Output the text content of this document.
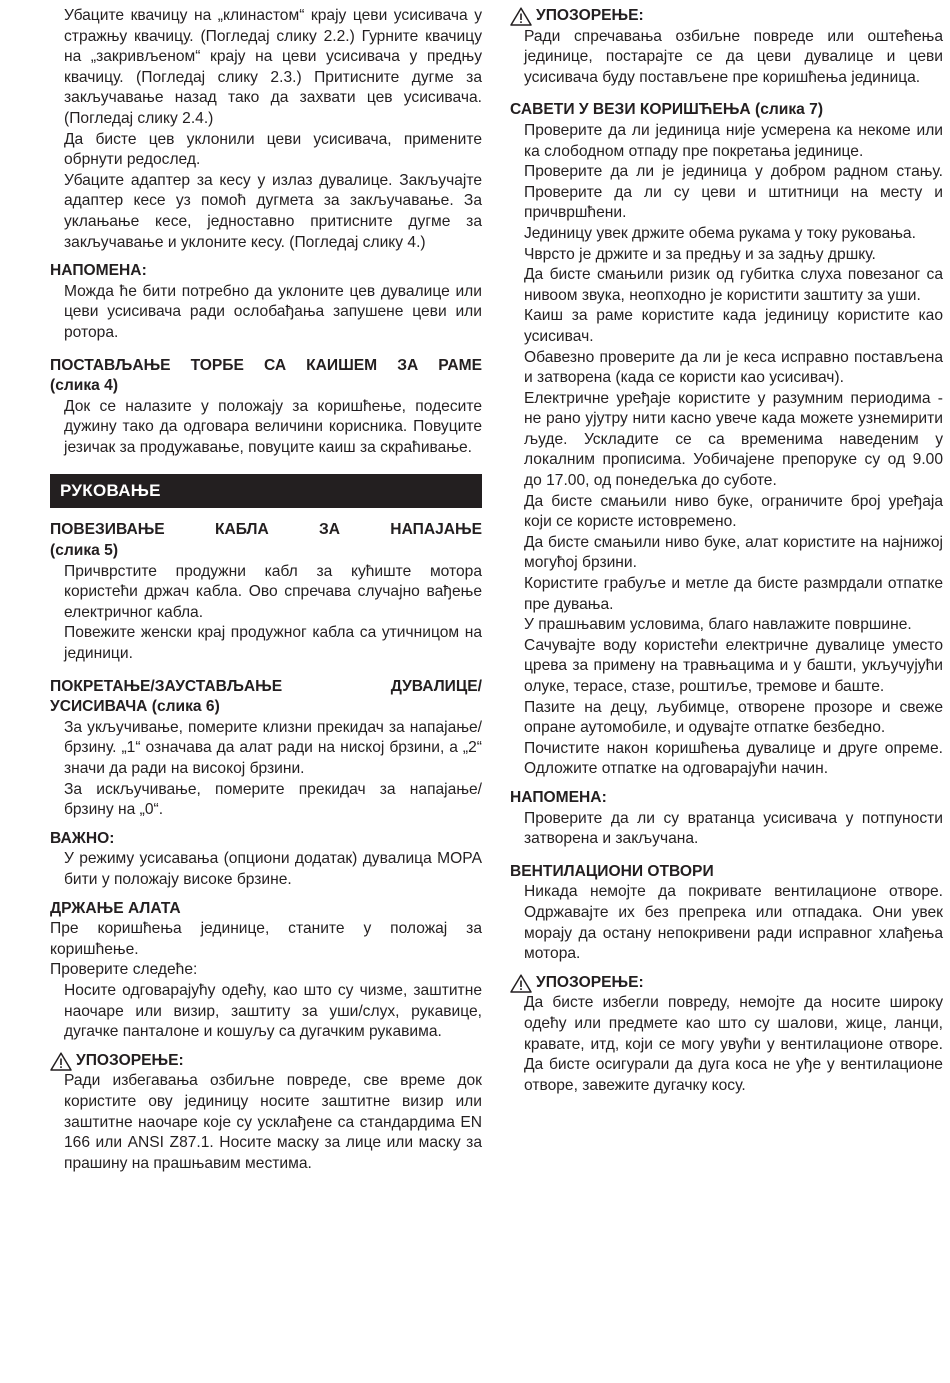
Убаците квачицу на „клинастом“ крају цеви усисивача у стражњу квачицу. (Погледај слику 2.2.) Гурните квачицу на „закривљеном“ крају на цеви усисивача у предњу квачицу. (Погледај слику 2.3.) Притисните дугме за закључавање назад тако да захвати цев усисивача. (Погледај слику 2.4.)

Да бисте цев уклонили цеви усисивача, примените обрнути редослед.

Убаците адаптер за кесу у излаз дувалице. Закључајте адаптер кесе уз помоћ дугмета за закључавање. За уклањање кесе, једноставно притисните дугме за закључавање и уклоните кесу. (Погледај слику 4.)

НАПОМЕНА:

Можда ће бити потребно да уклоните цев дувалице или цеви усисивача ради ослобађања запушене цеви или ротора.

ПОСТАВЉАЊЕ ТОРБЕ СА КАИШЕМ ЗА РАМЕ
(слика 4)

Док се налазите у положају за коришћење, подесите дужину тако да одговара величини корисника. Повуците језичак за продужавање, повуците каиш за скраћивање.

РУКОВАЊЕ
ПОВЕЗИВАЊЕ КАБЛА ЗА НАПАЈАЊЕ
(слика 5)

Причврстите продужни кабл за кућиште мотора користећи држач кабла. Ово спречава случајно вађење електричног кабла.

Повежите женски крај продужног кабла са утичницом на јединици.

ПОКРЕТАЊЕ/ЗАУСТАВЉАЊЕ ДУВАЛИЦЕ/
УСИСИВАЧА (слика 6)

За укључивање, померите клизни прекидач за напајање/брзину. „1“ означава да алат ради на ниској брзини, а „2“ значи да ради на високој брзини.

За искључивање, померите прекидач за напајање/брзину на „0“.

ВАЖНО:

У режиму усисавања (опциони додатак) дувалица МОРА бити у положају високе брзине.

ДРЖАЊЕ АЛАТА

Пре коришћења јединице, станите у положај за коришћење.

Проверите следеће:

Носите одговарајућу одећу, као што су чизме, заштитне наочаре или визир, заштиту за уши/слух, рукавице, дугачке панталоне и кошуљу са дугачким рукавима.

УПОЗОРЕЊЕ:

Ради избегавања озбиљне повреде, све време док користите ову јединицу носите заштитне визир или заштитне наочаре које су усклађене са стандардима EN 166 или ANSI Z87.1. Носите маску за лице или маску за прашину на прашњавим местима.

УПОЗОРЕЊЕ:

Ради спречавања озбиљне повреде или оштећења јединице, постарајте се да цеви дувалице и цеви усисивача буду постављене пре коришћења јединица.

САВЕТИ У ВЕЗИ КОРИШЋЕЊА (слика 7)

Проверите да ли јединица није усмерена ка некоме или ка слободном отпаду пре покретања јединице.

Проверите да ли је јединица у добром радном стању. Проверите да ли су цеви и штитници на месту и причвршћени.

Јединицу увек држите обема рукама у току руковања.

Чврсто је држите и за предњу и за задњу дршку.

Да бисте смањили ризик од губитка слуха повезаног са нивоом звука, неопходно је користити заштиту за уши.

Каиш за раме користите када јединицу користите као усисивач.

Обавезно проверите да ли је кеса исправно постављена и затворена (када се користи као усисивач).

Електричне уређаје користите у разумним периодима - не рано ујутру нити касно увече када можете узнемирити људе. Ускладите се са временима наведеним у локалним прописима. Уобичајене препоруке су од 9.00 до 17.00, од понедељка до суботе.

Да бисте смањили ниво буке, ограничите број уређаја који се користе истовремено.

Да бисте смањили ниво буке, алат користите на најнижој могућој брзини.

Користите грабуље и метле да бисте размрдали отпатке пре дувања.

У прашњавим условима, благо навлажите површине.

Сачувајте воду користећи електричне дувалице уместо црева за примену на травњацима и у башти, укључујући олуке, терасе, стазе, роштиље, тремове и баште.

Пазите на децу, љубимце, отворене прозоре и свеже опране аутомобиле, и одувајте отпатке безбедно.

Почистите након коришћења дувалице и друге опреме. Одложите отпатке на одговарајући начин.

НАПОМЕНА:

Проверите да ли су вратанца усисивача у потпуности затворена и закључана.

ВЕНТИЛАЦИОНИ ОТВОРИ

Никада немојте да покривате вентилационе отворе. Одржавајте их без препрека или отпадака. Они увек морају да остану непокривени ради исправног хлађења мотора.

УПОЗОРЕЊЕ:

Да бисте избегли повреду, немојте да носите широку одећу или предмете као што су шалови, жице, ланци, кравате, итд, који се могу увући у вентилационе отворе. Да бисте осигурали да дуга коса не уђе у вентилационе отворе, завежите дугачку косу.
